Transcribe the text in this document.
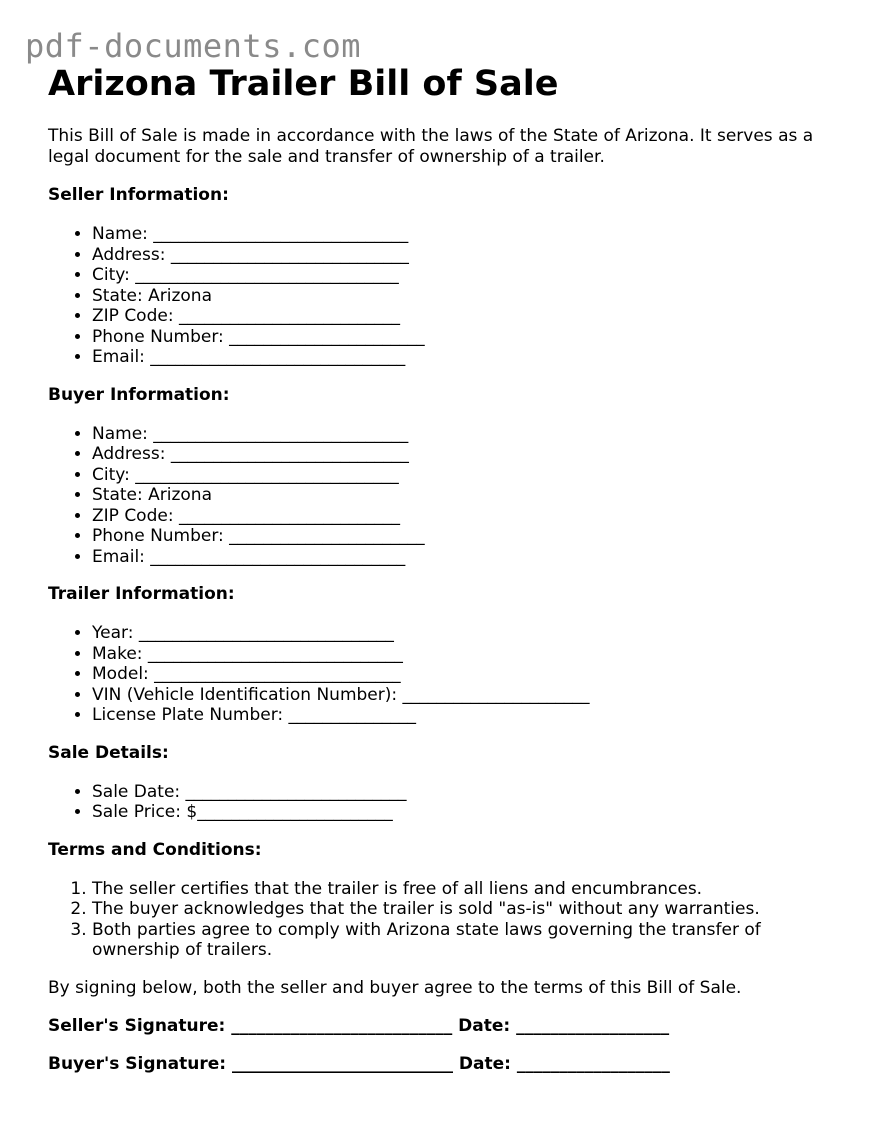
pdf-documents.com
Arizona Trailer Bill of Sale

This Bill of Sale is made in accordance with the laws of the State of Arizona. It serves as a legal document for the sale and transfer of ownership of a trailer.

Seller Information:
• Name: ______________________________
• Address: ____________________________
• City: _______________________________
• State: Arizona
• ZIP Code: __________________________
• Phone Number: _______________________
• Email: ______________________________
Buyer Information:
• Name: ______________________________
• Address: ____________________________
• City: _______________________________
• State: Arizona
• ZIP Code: __________________________
• Phone Number: _______________________
• Email: ______________________________
Trailer Information:
• Year: ______________________________
• Make: ______________________________
• Model: _____________________________
• VIN (Vehicle Identification Number): ______________________
• License Plate Number: _______________
Sale Details:
• Sale Date: __________________________
• Sale Price: $_______________________
Terms and Conditions:
1. The seller certifies that the trailer is free of all liens and encumbrances.
2. The buyer acknowledges that the trailer is sold "as-is" without any warranties.
3. Both parties agree to comply with Arizona state laws governing the transfer of ownership of trailers.

By signing below, both the seller and buyer agree to the terms of this Bill of Sale.

Seller's Signature: __________________________ Date: __________________

Buyer's Signature: __________________________ Date: __________________
